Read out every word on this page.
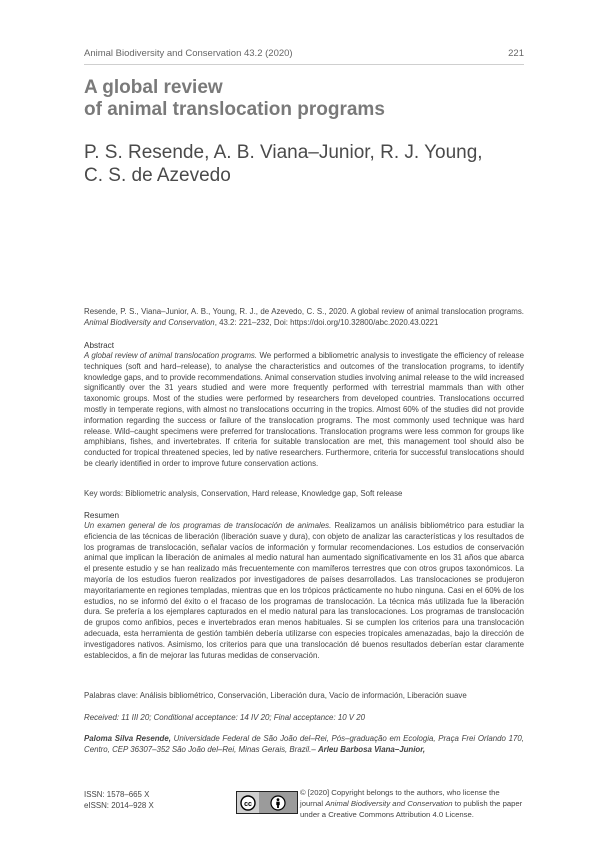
Animal Biodiversity and Conservation 43.2 (2020)	221
A global review
of animal translocation programs
P. S. Resende, A. B. Viana–Junior, R. J. Young,
C. S. de Azevedo
Resende, P. S., Viana–Junior, A. B., Young, R. J., de Azevedo, C. S., 2020. A global review of animal translocation programs. Animal Biodiversity and Conservation, 43.2: 221–232, Doi: https://doi.org/10.32800/abc.2020.43.0221

Abstract

A global review of animal translocation programs. We performed a bibliometric analysis to investigate the efficiency of release techniques (soft and hard–release), to analyse the characteristics and outcomes of the translocation programs, to identify knowledge gaps, and to provide recommendations. Animal conservation studies involving animal release to the wild increased significantly over the 31 years studied and were more frequently performed with terrestrial mammals than with other taxonomic groups. Most of the studies were performed by researchers from developed countries. Translocations occurred mostly in temperate regions, with almost no translocations occurring in the tropics. Almost 60% of the studies did not provide information regarding the success or failure of the translocation programs. The most commonly used technique was hard release. Wild–caught specimens were preferred for translocations. Translocation programs were less common for groups like amphibians, fishes, and invertebrates. If criteria for suitable translocation are met, this management tool should also be conducted for tropical threatened species, led by native researchers. Furthermore, criteria for successful translocations should be clearly identified in order to improve future conservation actions.

Key words: Bibliometric analysis, Conservation, Hard release, Knowledge gap, Soft release

Resumen

Un examen general de los programas de translocación de animales. Realizamos un análisis bibliométrico para estudiar la eficiencia de las técnicas de liberación (liberación suave y dura), con objeto de analizar las características y los resultados de los programas de translocación, señalar vacíos de información y formular recomendaciones. Los estudios de conservación animal que implican la liberación de animales al medio natural han aumentado significativamente en los 31 años que abarca el presente estudio y se han realizado más frecuentemente con mamíferos terrestres que con otros grupos taxonómicos. La mayoría de los estudios fueron realizados por investigadores de países desarrollados. Las translocaciones se produjeron mayoritariamente en regiones templadas, mientras que en los trópicos prácticamente no hubo ninguna. Casi en el 60% de los estudios, no se informó del éxito o el fracaso de los programas de translocación. La técnica más utilizada fue la liberación dura. Se prefería a los ejemplares capturados en el medio natural para las translocaciones. Los programas de translocación de grupos como anfibios, peces e invertebrados eran menos habituales. Si se cumplen los criterios para una translocación adecuada, esta herramienta de gestión también debería utilizarse con especies tropicales amenazadas, bajo la dirección de investigadores nativos. Asimismo, los criterios para que una translocación dé buenos resultados deberían estar claramente establecidos, a fin de mejorar las futuras medidas de conservación.

Palabras clave: Análisis bibliométrico, Conservación, Liberación dura, Vacío de información, Liberación suave
Received: 11 III 20; Conditional acceptance: 14 IV 20; Final acceptance: 10 V 20
Paloma Silva Resende, Universidade Federal de São João del–Rei, Pós–graduação em Ecologia, Praça Frei Orlando 170, Centro, CEP 36307–352 São João del–Rei, Minas Gerais, Brazil.– Arleu Barbosa Viana–Junior,
ISSN: 1578–665 X
eISSN: 2014–928 X	cc
© [2020] Copyright belongs to the authors, who license the journal Animal Biodiversity and Conservation to publish the paper under a Creative Commons Attribution 4.0 License.
